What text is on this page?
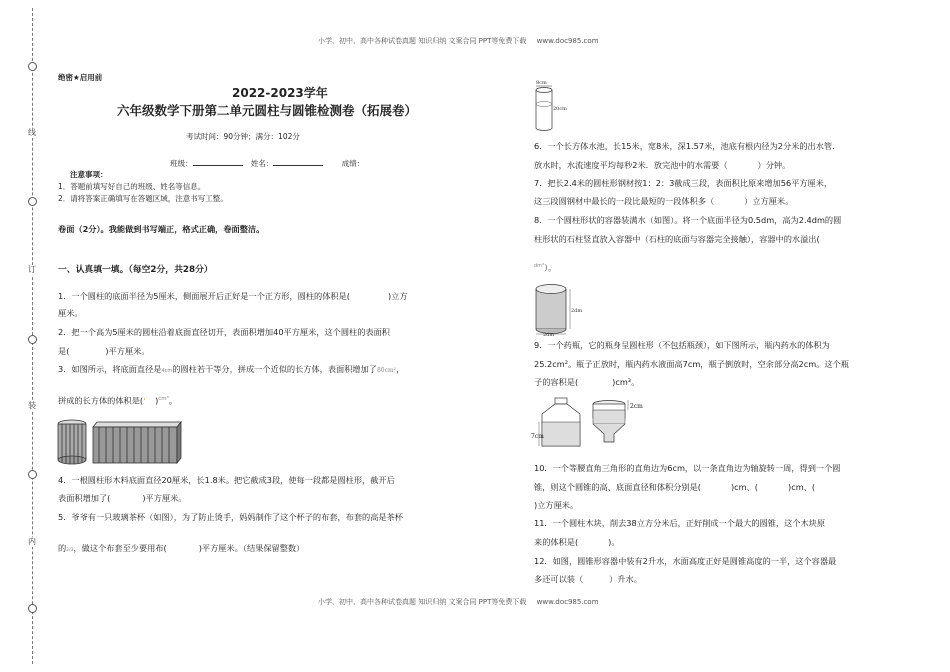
小学、初中、高中各种试卷真题 知识归纳 文案合同 PPT等免费下载 www.doc985.com
线
订
装
内
绝密★启用前
2022-2023学年
六年级数学下册第二单元圆柱与圆锥检测卷（拓展卷）
考试时间：90分钟；满分：102分
班级：	姓名：	成绩：
注意事项：
1．答题前填写好自己的班级、姓名等信息。
2．请将答案正确填写在答题区域，注意书写工整。
卷面（2分）。我能做到书写端正，格式正确，卷面整洁。
一、认真填一填。（每空2分，共28分）
1．一个圆柱的底面半径为5厘米，侧面展开后正好是一个正方形，圆柱的体积是(	)立方
厘米。
2．把一个高为5厘米的圆柱沿着底面直径切开，表面积增加40平方厘米，这个圆柱的表面积
是(	)平方厘米。
3．如图所示，将底面直径是4cm的圆柱若干等分，拼成一个近似的长方体，表面积增加了80cm²，
拼成的长方体的体积是(' )$^{cm^3}$。
4．一根圆柱形木料底面直径20厘米，长1.8米。把它截成3段，使每一段都是圆柱形，截开后
表面积增加了(	)平方厘米。
5．爷爷有一只玻璃茶杯（如图），为了防止烫手，妈妈制作了这个杯子的布套，布套的高是茶杯
的2/3，做这个布套至少要用布(	)平方厘米。（结果保留整数）
8cm
20cm
6．一个长方体水池，长15米，宽8米，深1.57米，池底有根内径为2分米的出水管.
放水时，水流速度平均每秒2米．放完池中的水需要（	）分钟。
7．把长2.4米的圆柱形钢材按1：2：3截成三段，表面积比原来增加56平方厘米，
这三段圆钢材中最长的一段比最短的一段体积多（	）立方厘米。
8．一个圆柱形状的容器装满水（如图）。将一个底面半径为0.5dm，高为2.4dm的圆
柱形状的石柱竖直放入容器中（石柱的底面与容器完全接触），容器中的水溢出(
$^{dm^3}$）。
2dm
2dm
9．一个药瓶，它的瓶身呈圆柱形（不包括瓶颈），如下图所示，瓶内药水的体积为
25.2cm²。瓶子正放时，瓶内药水液面高7cm，瓶子倒放时，空余部分高2cm。这个瓶
子的容积是(	)cm³。
7cm
2cm
10．一个等腰直角三角形的直角边为6cm，以一条直角边为轴旋转一周，得到一个圆
锥，则这个圆锥的高、底面直径和体积分别是(	)cm、(	)cm、(
)立方厘米。
11．一个圆柱木块，削去38立方分米后，正好削成一个最大的圆锥，这个木块原
来的体积是(	)。
12．如图，圆锥形容器中装有2升水，水面高度正好是圆锥高度的一半，这个容器最
多还可以装（	）升水。
小学、初中、高中各种试卷真题 知识归纳 文案合同 PPT等免费下载 www.doc985.com
